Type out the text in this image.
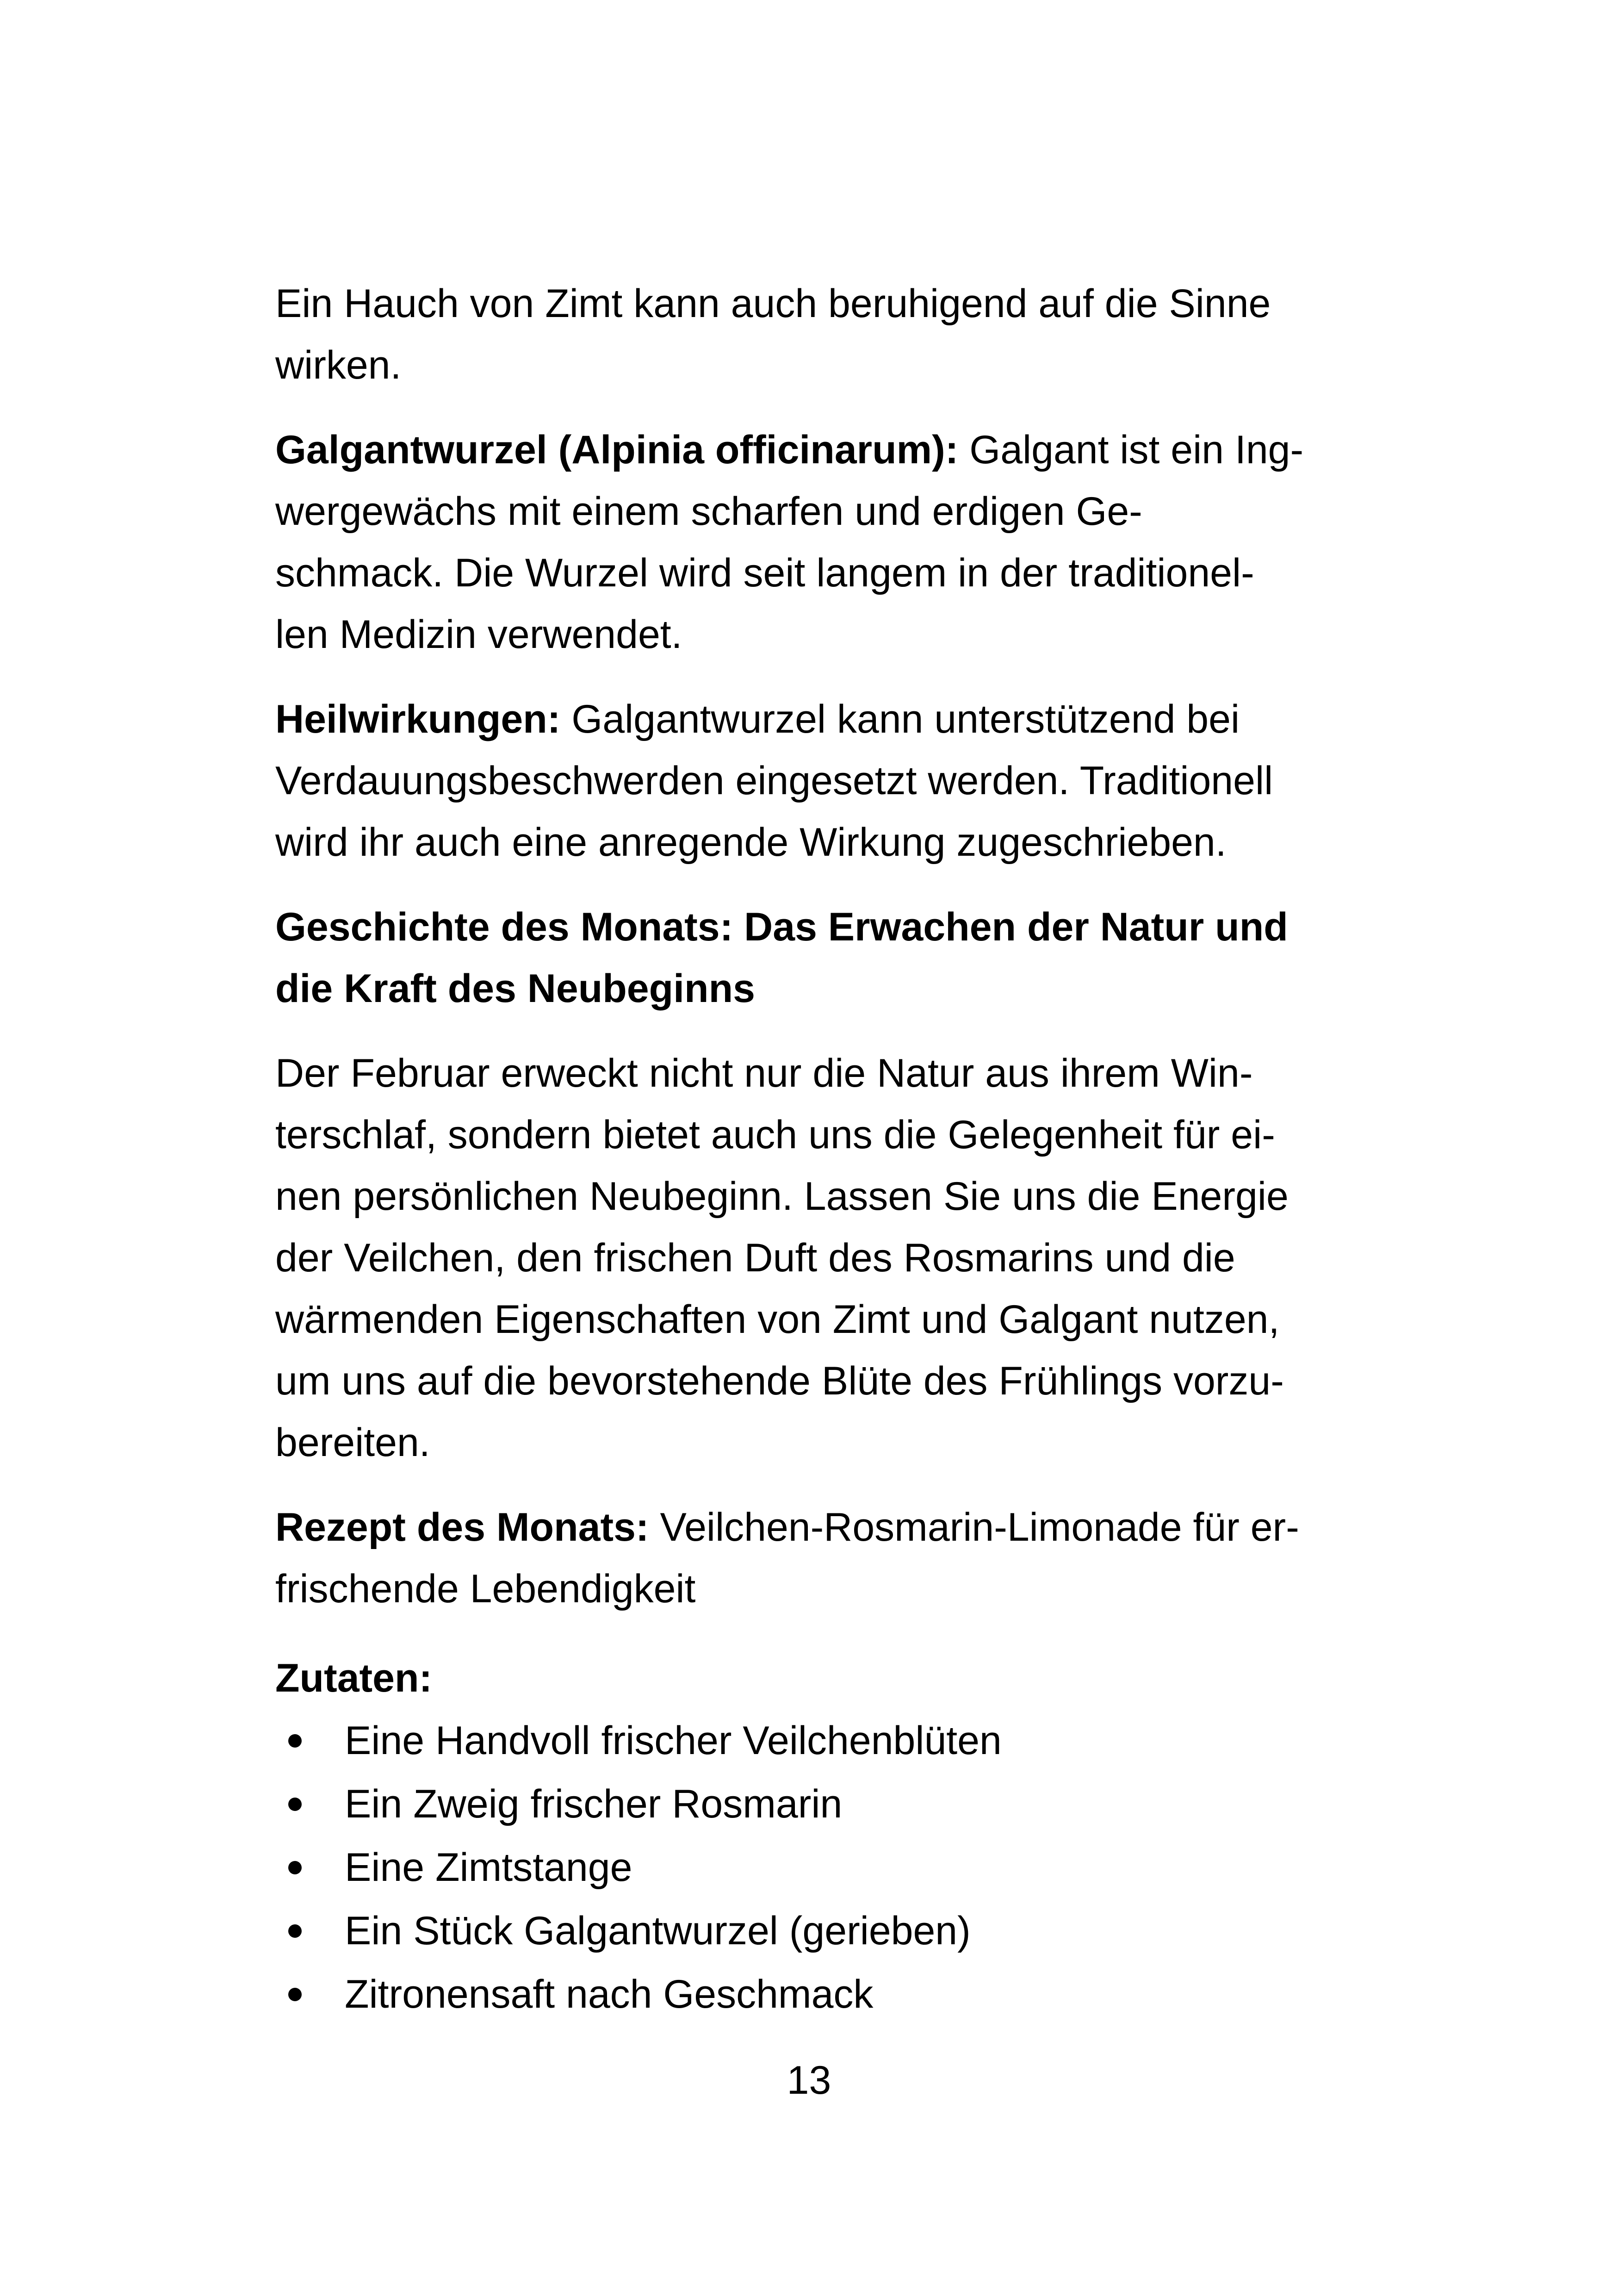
Ein Hauch von Zimt kann auch beruhigend auf die Sinne
wirken.

Galgantwurzel (Alpinia officinarum): Galgant ist ein Ing-
wergewächs mit einem scharfen und erdigen Ge-
schmack. Die Wurzel wird seit langem in der traditionel-
len Medizin verwendet.

Heilwirkungen: Galgantwurzel kann unterstützend bei
Verdauungsbeschwerden eingesetzt werden. Traditionell
wird ihr auch eine anregende Wirkung zugeschrieben.

Geschichte des Monats: Das Erwachen der Natur und
die Kraft des Neubeginns

Der Februar erweckt nicht nur die Natur aus ihrem Win-
terschlaf, sondern bietet auch uns die Gelegenheit für ei-
nen persönlichen Neubeginn. Lassen Sie uns die Energie
der Veilchen, den frischen Duft des Rosmarins und die
wärmenden Eigenschaften von Zimt und Galgant nutzen,
um uns auf die bevorstehende Blüte des Frühlings vorzu-
bereiten.

Rezept des Monats: Veilchen-Rosmarin-Limonade für er-
frischende Lebendigkeit

Zutaten:
Eine Handvoll frischer Veilchenblüten
Ein Zweig frischer Rosmarin
Eine Zimtstange
Ein Stück Galgantwurzel (gerieben)
Zitronensaft nach Geschmack
13
